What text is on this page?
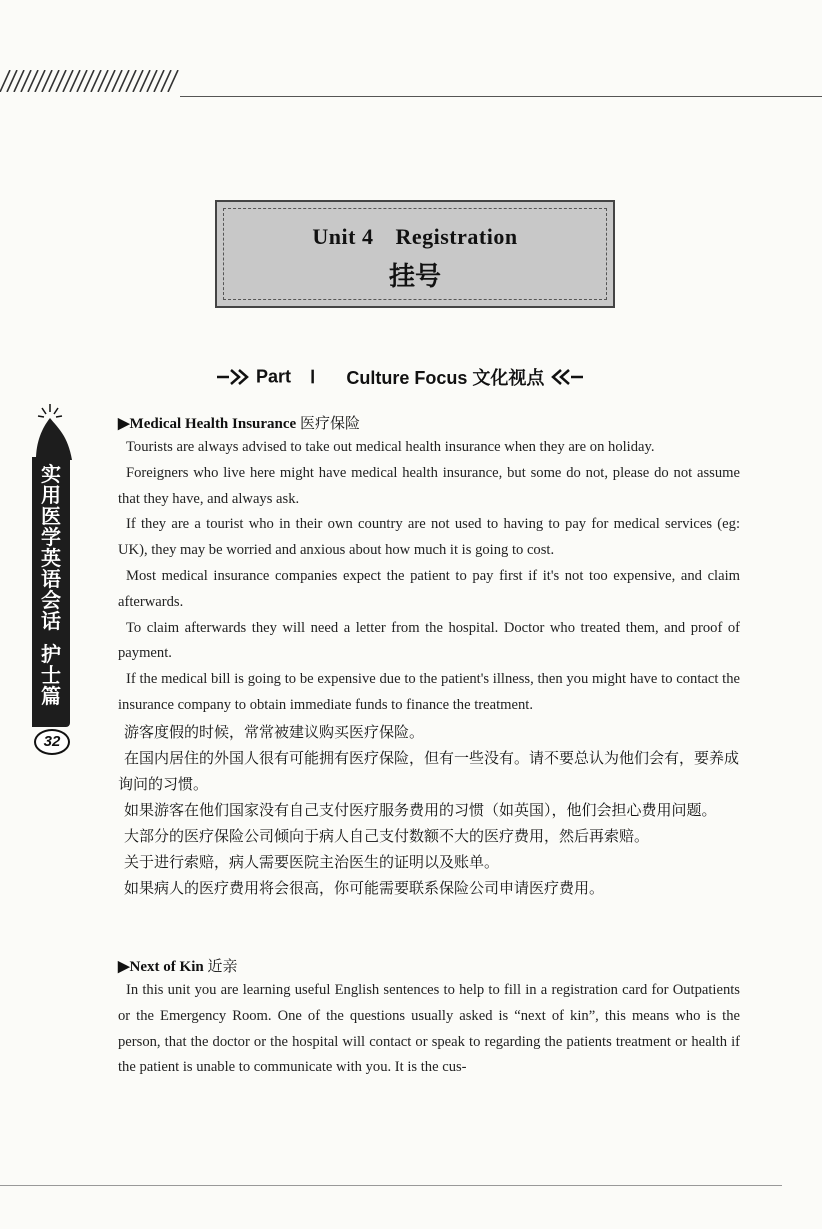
Unit 4 Registration
挂号
Part Ⅰ Culture Focus 文化视点
实用医学英语会话
护士篇
32
▶Medical Health Insurance 医疗保险

Tourists are always advised to take out medical health insurance when they are on holiday.

Foreigners who live here might have medical health insurance, but some do not, please do not assume that they have, and always ask.

If they are a tourist who in their own country are not used to having to pay for medical services (eg: UK), they may be worried and anxious about how much it is going to cost.

Most medical insurance companies expect the patient to pay first if it's not too expensive, and claim afterwards.

To claim afterwards they will need a letter from the hospital. Doctor who treated them, and proof of payment.

If the medical bill is going to be expensive due to the patient's illness, then you might have to contact the insurance company to obtain immediate funds to finance the treatment.

游客度假的时候，常常被建议购买医疗保险。

在国内居住的外国人很有可能拥有医疗保险，但有一些没有。请不要总认为他们会有，要养成询问的习惯。

如果游客在他们国家没有自己支付医疗服务费用的习惯（如英国），他们会担心费用问题。

大部分的医疗保险公司倾向于病人自己支付数额不大的医疗费用，然后再索赔。

关于进行索赔，病人需要医院主治医生的证明以及账单。

如果病人的医疗费用将会很高，你可能需要联系保险公司申请医疗费用。

▶Next of Kin 近亲

In this unit you are learning useful English sentences to help to fill in a registration card for Outpatients or the Emergency Room. One of the questions usually asked is “next of kin”, this means who is the person, that the doctor or the hospital will contact or speak to regarding the patients treatment or health if the patient is unable to communicate with you. It is the cus-
